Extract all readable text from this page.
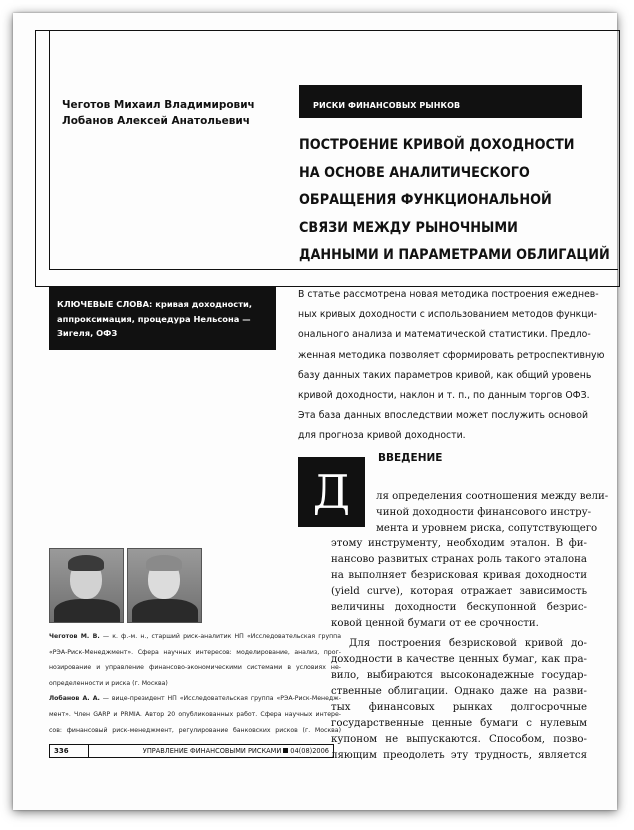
Чеготов Михаил Владимирович
Лобанов Алексей Анатольевич
РИСКИ ФИНАНСОВЫХ РЫНКОВ
ПОСТРОЕНИЕ КРИВОЙ ДОХОДНОСТИ
НА ОСНОВЕ АНАЛИТИЧЕСКОГО
ОБРАЩЕНИЯ ФУНКЦИОНАЛЬНОЙ
СВЯЗИ МЕЖДУ РЫНОЧНЫМИ
ДАННЫМИ И ПАРАМЕТРАМИ ОБЛИГАЦИЙ
КЛЮЧЕВЫЕ СЛОВА: кривая доходности, аппроксимация, процедура Нельсона — Зигеля, ОФЗ
В статье рассмотрена новая методика построения ежеднев-
ных кривых доходности с использованием методов функци-
онального анализа и математической статистики. Предло-
женная методика позволяет сформировать ретроспективную
базу данных таких параметров кривой, как общий уровень
кривой доходности, наклон и т. п., по данным торгов ОФЗ.
Эта база данных впоследствии может послужить основой
для прогноза кривой доходности.
Д
ВВЕДЕНИЕ
ля определения соотношения между вели-
чиной доходности финансового инстру-
мента и уровнем риска, сопутствующего
этому инструменту, необходим эталон. В фи-
нансово развитых странах роль такого эталона
на выполняет безрисковая кривая доходности
(yield curve), которая отражает зависимость
величины доходности бескупонной безрис-
ковой ценной бумаги от ее срочности.
Для построения безрисковой кривой до-
доходности в качестве ценных бумаг, как пра-
вило, выбираются высоконадежные государ-
ственные облигации. Однако даже на разви-
тых финансовых рынках долгосрочные
государственные ценные бумаги с нулевым
купоном не выпускаются. Способом, позво-
ляющим преодолеть эту трудность, является
Чеготов М. В. — к. ф.-м. н., старший риск-аналитик НП «Исследовательская группа
«РЭА-Риск-Менеджмент». Сфера научных интересов: моделирование, анализ, прог-
нозирование и управление финансово-экономическими системами в условиях не-
определенности и риска (г. Москва)
Лобанов А. А. — вице-президент НП «Исследовательская группа «РЭА-Риск-Менедж-
мент». Член GARP и PRMIA. Автор 20 опубликованных работ. Сфера научных интере-
сов: финансовый риск-менеджмент, регулирование банковских рисков (г. Москва)
336	УПРАВЛЕНИЕ ФИНАНСОВЫМИ РИСКАМИ 04(08)2006
